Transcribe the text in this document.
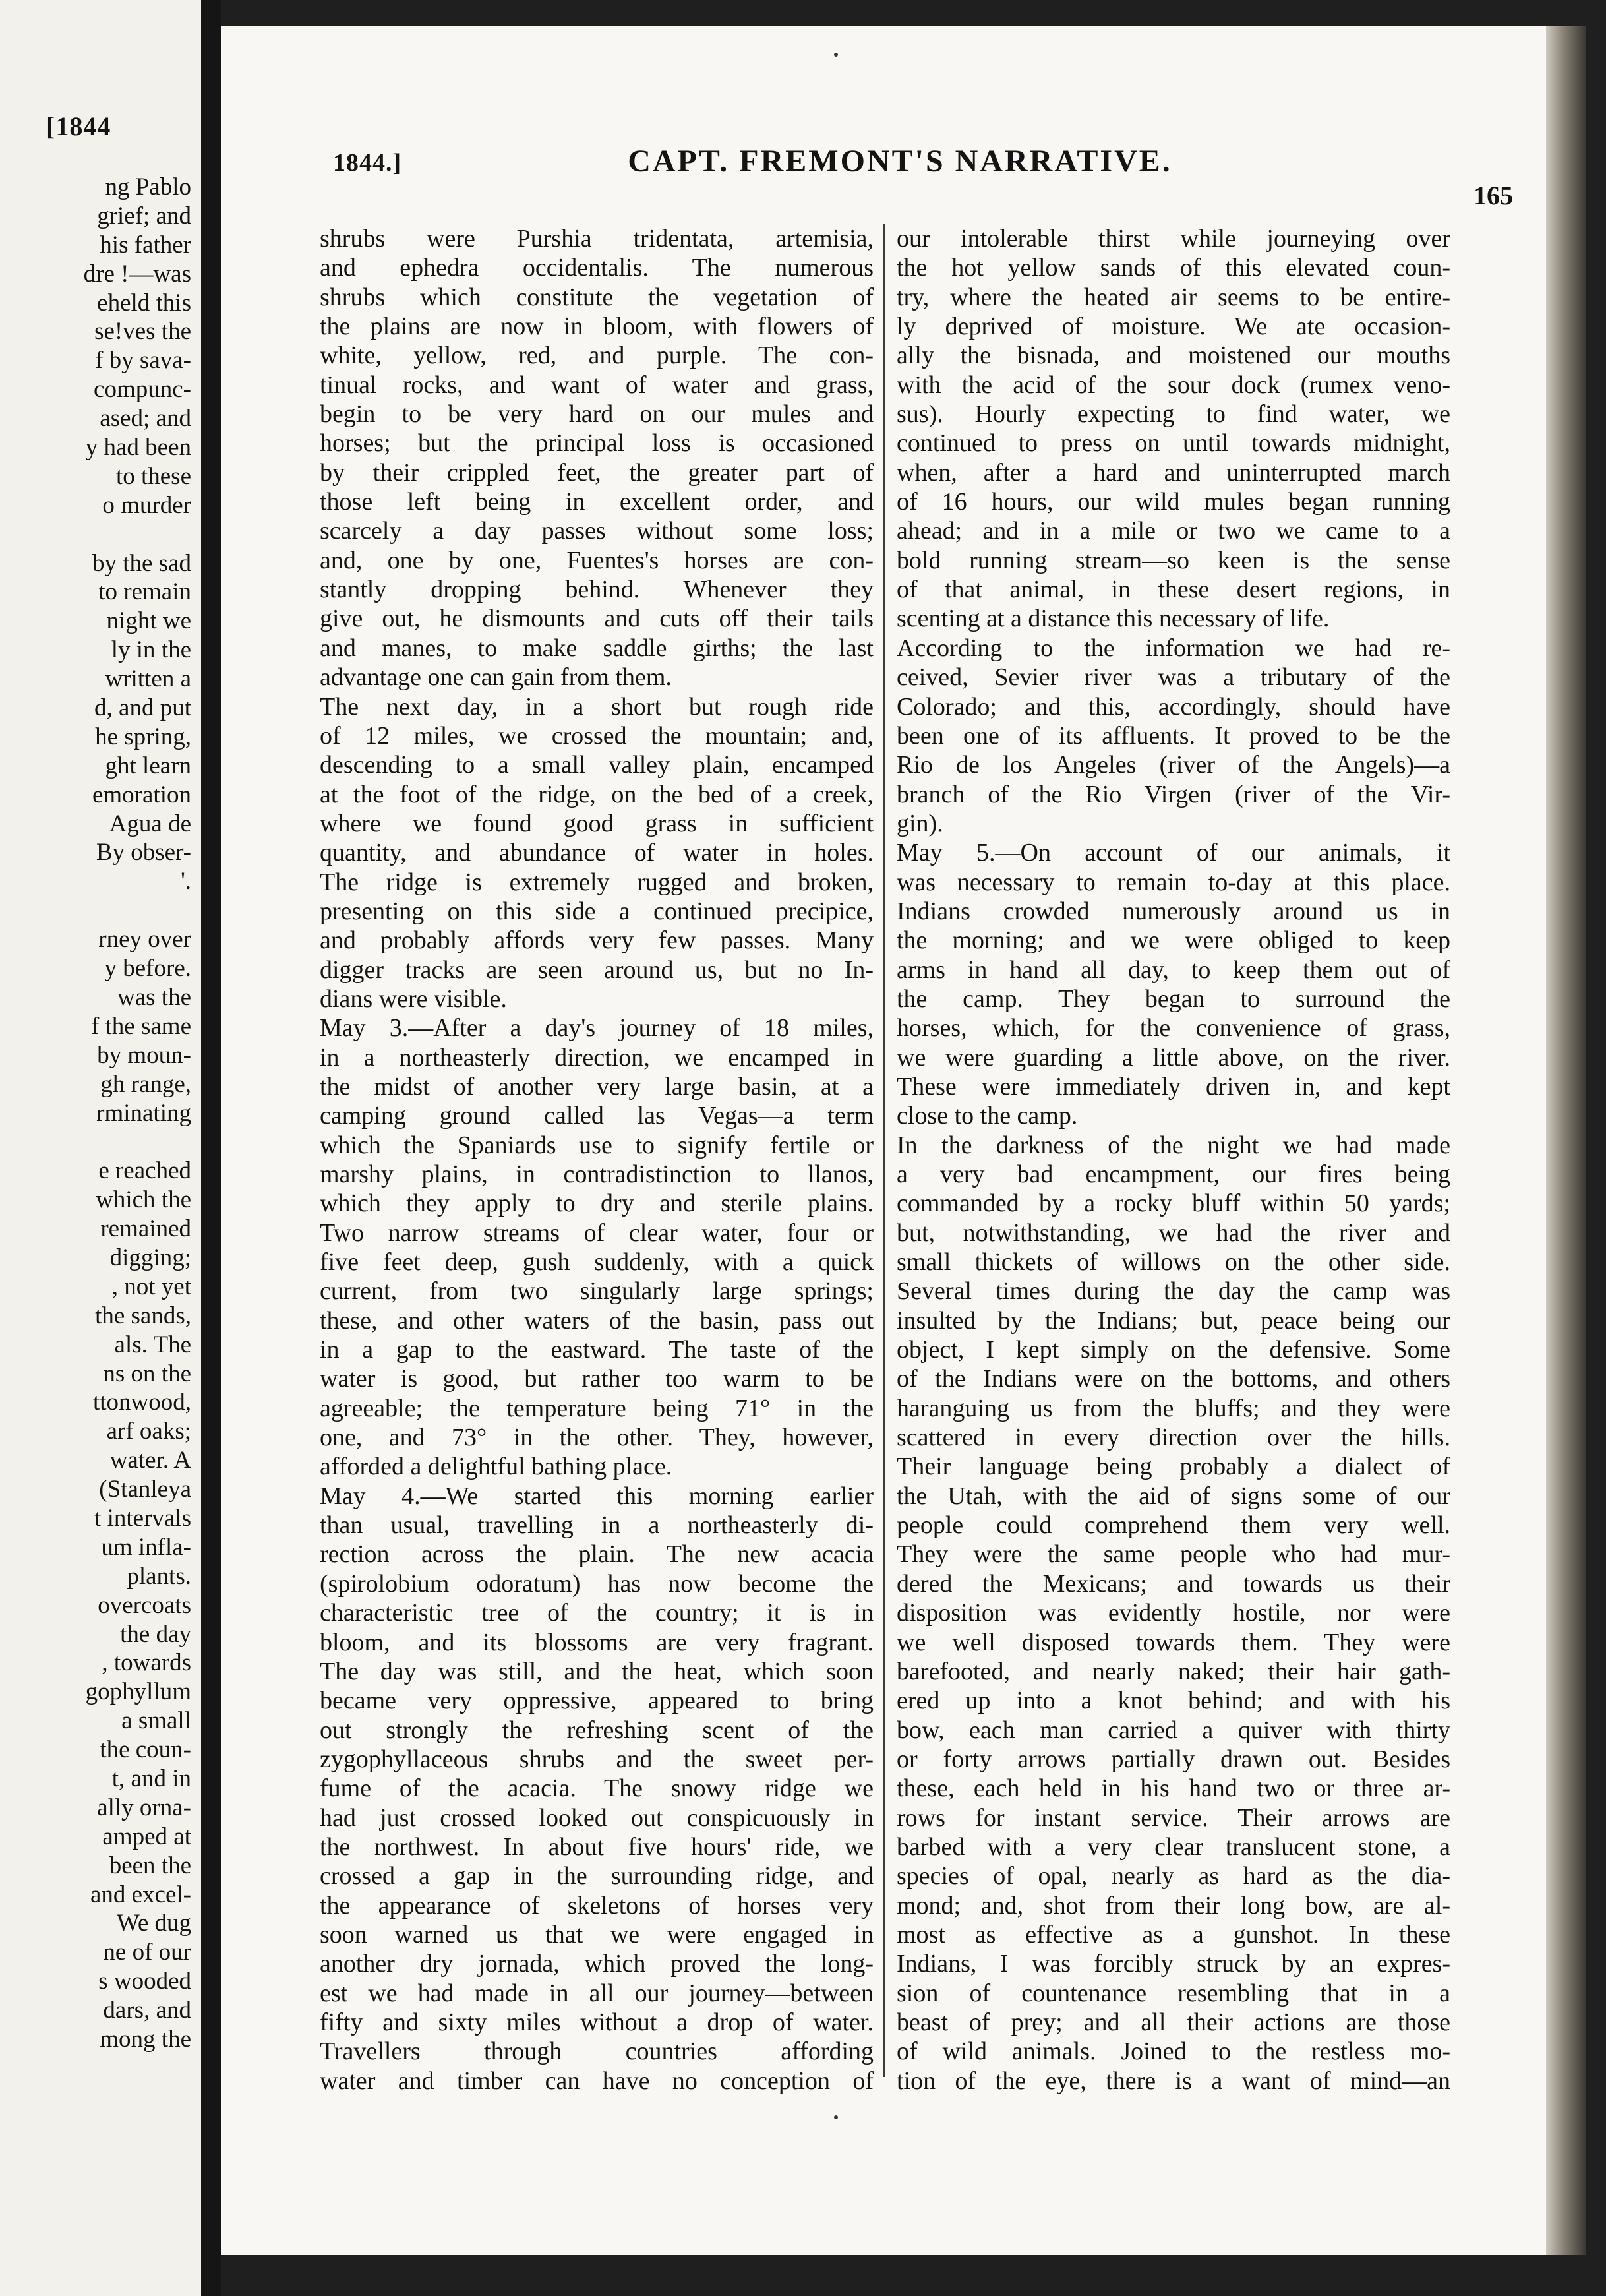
[1844
ng Pablo
grief; and
his father
dre !—was
eheld this
se!ves the
f by sava-
compunc-
ased; and
y had been
to these
o murder
by the sad
to remain
night we
ly in the
written a
d, and put
he spring,
ght learn
emoration
Agua de
By obser-
'.
rney over
y before.
was the
f the same
by moun-
gh range,
rminating
e reached
which the
remained
digging;
, not yet
the sands,
als. The
ns on the
ttonwood,
arf oaks;
water. A
(Stanleya
t intervals
um infla-
plants.
overcoats
the day
, towards
gophyllum
a small
the coun-
t, and in
ally orna-
amped at
been the
and excel-
We dug
ne of our
s wooded
dars, and
mong the
1844.]	CAPT. FREMONT'S NARRATIVE.
165
shrubs were Purshia tridentata, artemisia,
and ephedra occidentalis. The numerous
shrubs which constitute the vegetation of
the plains are now in bloom, with flowers of
white, yellow, red, and purple. The con-
tinual rocks, and want of water and grass,
begin to be very hard on our mules and
horses; but the principal loss is occasioned
by their crippled feet, the greater part of
those left being in excellent order, and
scarcely a day passes without some loss;
and, one by one, Fuentes's horses are con-
stantly dropping behind. Whenever they
give out, he dismounts and cuts off their tails
and manes, to make saddle girths; the last
advantage one can gain from them.
The next day, in a short but rough ride
of 12 miles, we crossed the mountain; and,
descending to a small valley plain, encamped
at the foot of the ridge, on the bed of a creek,
where we found good grass in sufficient
quantity, and abundance of water in holes.
The ridge is extremely rugged and broken,
presenting on this side a continued precipice,
and probably affords very few passes. Many
digger tracks are seen around us, but no In-
dians were visible.
May 3.—After a day's journey of 18 miles,
in a northeasterly direction, we encamped in
the midst of another very large basin, at a
camping ground called las Vegas—a term
which the Spaniards use to signify fertile or
marshy plains, in contradistinction to llanos,
which they apply to dry and sterile plains.
Two narrow streams of clear water, four or
five feet deep, gush suddenly, with a quick
current, from two singularly large springs;
these, and other waters of the basin, pass out
in a gap to the eastward. The taste of the
water is good, but rather too warm to be
agreeable; the temperature being 71° in the
one, and 73° in the other. They, however,
afforded a delightful bathing place.
May 4.—We started this morning earlier
than usual, travelling in a northeasterly di-
rection across the plain. The new acacia
(spirolobium odoratum) has now become the
characteristic tree of the country; it is in
bloom, and its blossoms are very fragrant.
The day was still, and the heat, which soon
became very oppressive, appeared to bring
out strongly the refreshing scent of the
zygophyllaceous shrubs and the sweet per-
fume of the acacia. The snowy ridge we
had just crossed looked out conspicuously in
the northwest. In about five hours' ride, we
crossed a gap in the surrounding ridge, and
the appearance of skeletons of horses very
soon warned us that we were engaged in
another dry jornada, which proved the long-
est we had made in all our journey—between
fifty and sixty miles without a drop of water.
Travellers through countries affording
water and timber can have no conception of
our intolerable thirst while journeying over
the hot yellow sands of this elevated coun-
try, where the heated air seems to be entire-
ly deprived of moisture. We ate occasion-
ally the bisnada, and moistened our mouths
with the acid of the sour dock (rumex veno-
sus). Hourly expecting to find water, we
continued to press on until towards midnight,
when, after a hard and uninterrupted march
of 16 hours, our wild mules began running
ahead; and in a mile or two we came to a
bold running stream—so keen is the sense
of that animal, in these desert regions, in
scenting at a distance this necessary of life.
According to the information we had re-
ceived, Sevier river was a tributary of the
Colorado; and this, accordingly, should have
been one of its affluents. It proved to be the
Rio de los Angeles (river of the Angels)—a
branch of the Rio Virgen (river of the Vir-
gin).
May 5.—On account of our animals, it
was necessary to remain to-day at this place.
Indians crowded numerously around us in
the morning; and we were obliged to keep
arms in hand all day, to keep them out of
the camp. They began to surround the
horses, which, for the convenience of grass,
we were guarding a little above, on the river.
These were immediately driven in, and kept
close to the camp.
In the darkness of the night we had made
a very bad encampment, our fires being
commanded by a rocky bluff within 50 yards;
but, notwithstanding, we had the river and
small thickets of willows on the other side.
Several times during the day the camp was
insulted by the Indians; but, peace being our
object, I kept simply on the defensive. Some
of the Indians were on the bottoms, and others
haranguing us from the bluffs; and they were
scattered in every direction over the hills.
Their language being probably a dialect of
the Utah, with the aid of signs some of our
people could comprehend them very well.
They were the same people who had mur-
dered the Mexicans; and towards us their
disposition was evidently hostile, nor were
we well disposed towards them. They were
barefooted, and nearly naked; their hair gath-
ered up into a knot behind; and with his
bow, each man carried a quiver with thirty
or forty arrows partially drawn out. Besides
these, each held in his hand two or three ar-
rows for instant service. Their arrows are
barbed with a very clear translucent stone, a
species of opal, nearly as hard as the dia-
mond; and, shot from their long bow, are al-
most as effective as a gunshot. In these
Indians, I was forcibly struck by an expres-
sion of countenance resembling that in a
beast of prey; and all their actions are those
of wild animals. Joined to the restless mo-
tion of the eye, there is a want of mind—an
